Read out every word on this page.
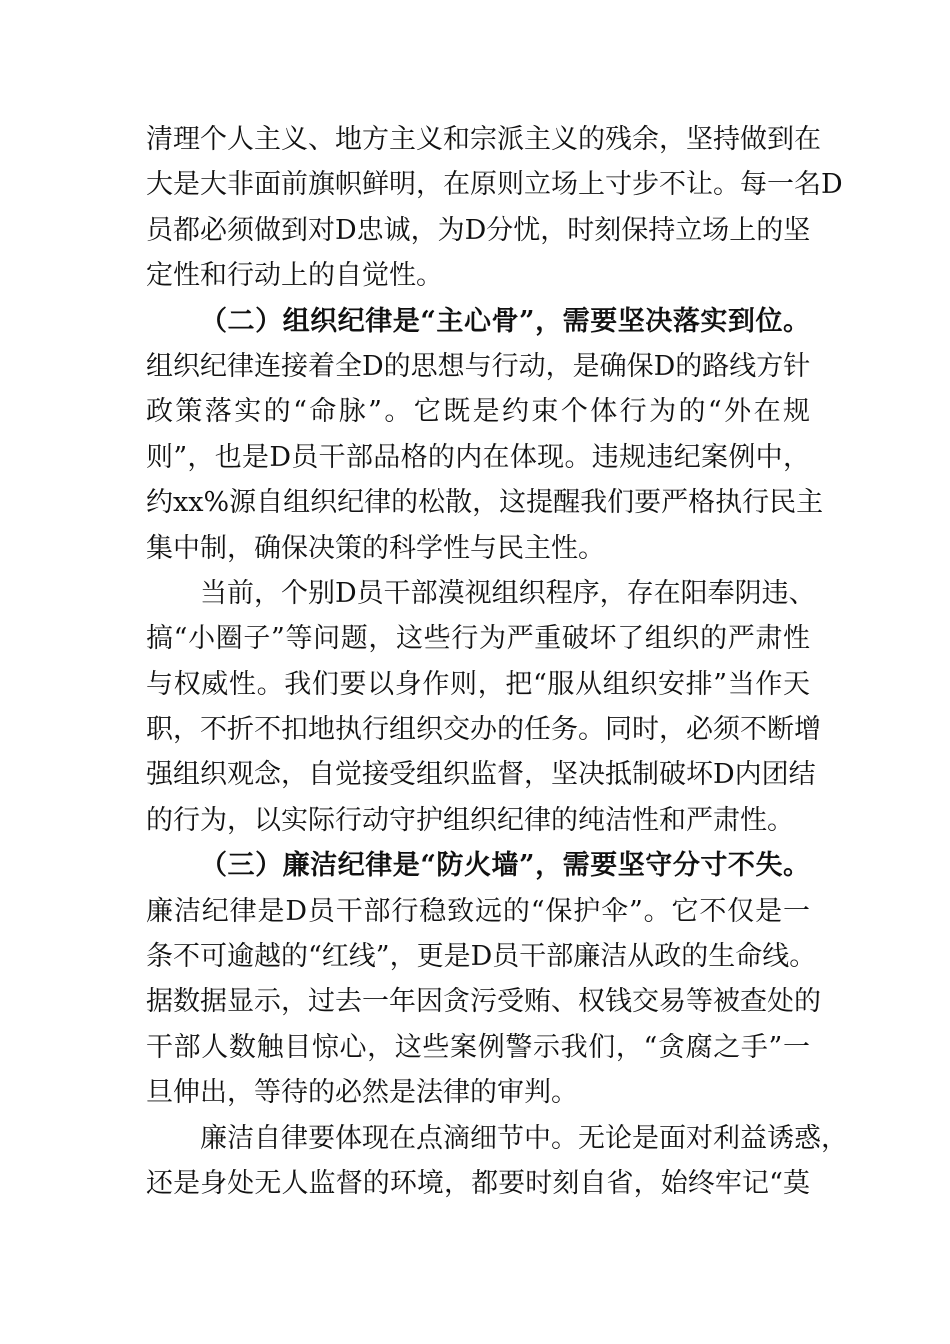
清理个人主义、地方主义和宗派主义的残余，坚持做到在
大是大非面前旗帜鲜明，在原则立场上寸步不让。每一名D
员都必须做到对D忠诚，为D分忧，时刻保持立场上的坚
定性和行动上的自觉性。
（二）组织纪律是“主心骨”，需要坚决落实到位。
组织纪律连接着全D的思想与行动，是确保D的路线方针
政策落实的“命脉”。它既是约束个体行为的“外在规
则”，也是D员干部品格的内在体现。违规违纪案例中，
约xx%源自组织纪律的松散，这提醒我们要严格执行民主
集中制，确保决策的科学性与民主性。
当前，个别D员干部漠视组织程序，存在阳奉阴违、
搞“小圈子”等问题，这些行为严重破坏了组织的严肃性
与权威性。我们要以身作则，把“服从组织安排”当作天
职，不折不扣地执行组织交办的任务。同时，必须不断增
强组织观念，自觉接受组织监督，坚决抵制破坏D内团结
的行为，以实际行动守护组织纪律的纯洁性和严肃性。
（三）廉洁纪律是“防火墙”，需要坚守分寸不失。
廉洁纪律是D员干部行稳致远的“保护伞”。它不仅是一
条不可逾越的“红线”，更是D员干部廉洁从政的生命线。
据数据显示，过去一年因贪污受贿、权钱交易等被查处的
干部人数触目惊心，这些案例警示我们，“贪腐之手”一
旦伸出，等待的必然是法律的审判。
廉洁自律要体现在点滴细节中。无论是面对利益诱惑，
还是身处无人监督的环境，都要时刻自省，始终牢记“莫
